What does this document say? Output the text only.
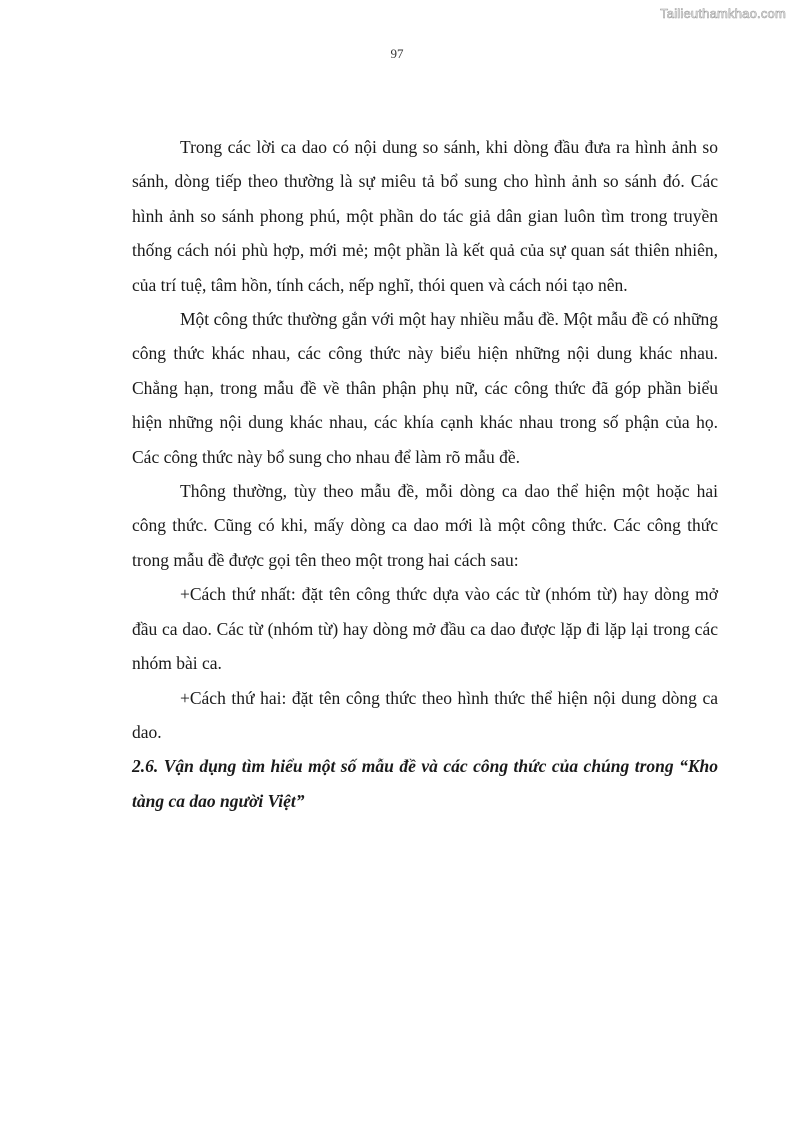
Tailieuthamkhao.com
97

Trong các lời ca dao có nội dung so sánh, khi dòng đầu đưa ra hình ảnh so sánh, dòng tiếp theo thường là sự miêu tả bổ sung cho hình ảnh so sánh đó. Các hình ảnh so sánh phong phú, một phần do tác giả dân gian luôn tìm trong truyền thống cách nói phù hợp, mới mẻ; một phần là kết quả của sự quan sát thiên nhiên, của trí tuệ, tâm hồn, tính cách, nếp nghĩ, thói quen và cách nói tạo nên.

Một công thức thường gắn với một hay nhiều mẫu đề. Một mẫu đề có những công thức khác nhau, các công thức này biểu hiện những nội dung khác nhau. Chẳng hạn, trong mẫu đề về thân phận phụ nữ, các công thức đã góp phần biểu hiện những nội dung khác nhau, các khía cạnh khác nhau trong số phận của họ. Các công thức này bổ sung cho nhau để làm rõ mẫu đề.

Thông thường, tùy theo mẫu đề, mỗi dòng ca dao thể hiện một hoặc hai công thức. Cũng có khi, mấy dòng ca dao mới là một công thức. Các công thức trong mẫu đề được gọi tên theo một trong hai cách sau:

+Cách thứ nhất: đặt tên công thức dựa vào các từ (nhóm từ) hay dòng mở đầu ca dao. Các từ (nhóm từ) hay dòng mở đầu ca dao được lặp đi lặp lại trong các nhóm bài ca.

+Cách thứ hai: đặt tên công thức theo hình thức thể hiện nội dung dòng ca dao.

2.6. Vận dụng tìm hiểu một số mẫu đề và các công thức của chúng trong “Kho tàng ca dao người Việt”
